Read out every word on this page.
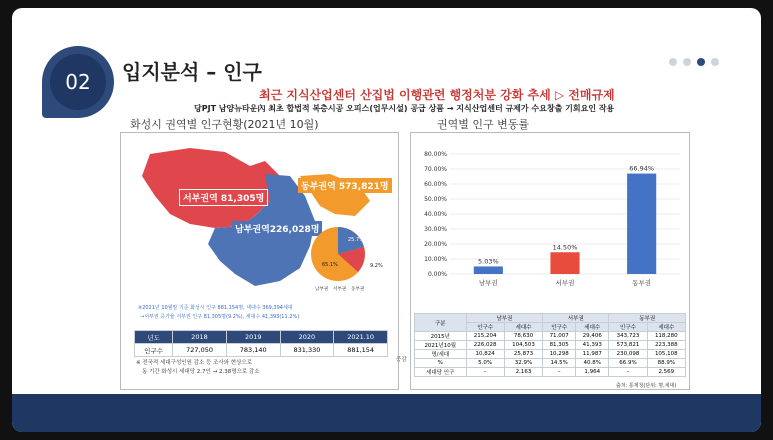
02	입지분석 – 인구
최근 지식산업센터 산집법 이행관련 행정처분 강화 추세 ▷ 전매규제
당PJT 남양뉴타운內 최초 합법적 복층시공 오피스(업무시설) 공급 상품 → 지식산업센터 규제가 수요창출 기회요인 작용
화성시 권역별 인구현황(2021년 10월)
서부권역 81,305명
동부권역 573,821명
남부권역226,028명
25.7%
65.1%	9.2%
남부권 서부권 동부권
※2021년 10월말 기준 화성시 인구 881,154명, 세대수 369,394세대
→서부권 증가율 서부권 인구 81,305명(9.2%), 세대수 41,393(11.2%)
년도	2018	2019	2020	2021.10
인구수	727,050	783,140	831,330	881,154
※ 전국적 세대구성인원 감소 등 조사와 현상으로
동 기간 화성시 세대당 2.7인 → 2.38명으로 감소
권역별 인구 변동률
80.00%
70.00%
60.00%
50.00%
40.00%
30.00%
20.00%
10.00%
0.00%
5.03%
남부권
14.50%
서부권
66.94%
동부권
구분	남부권		서부권		동부권	
	인구수	세대수	인구수	세대수	인구수	세대수
2015년	215,204	78,630	71,007	29,406	343,723	118,280
2021년10월	226,028	104,503	81,305	41,393	573,821	223,388
명/세대	10,824	25,873	10,298	11,987	230,098	105,108
%	5.0%	32.9%	14.5%	40.8%	66.9%	88.9%
세대당 인구	–	2,163	–	1,964	–	2,569
증감
출처: 통계청(단위: 명,세대)
